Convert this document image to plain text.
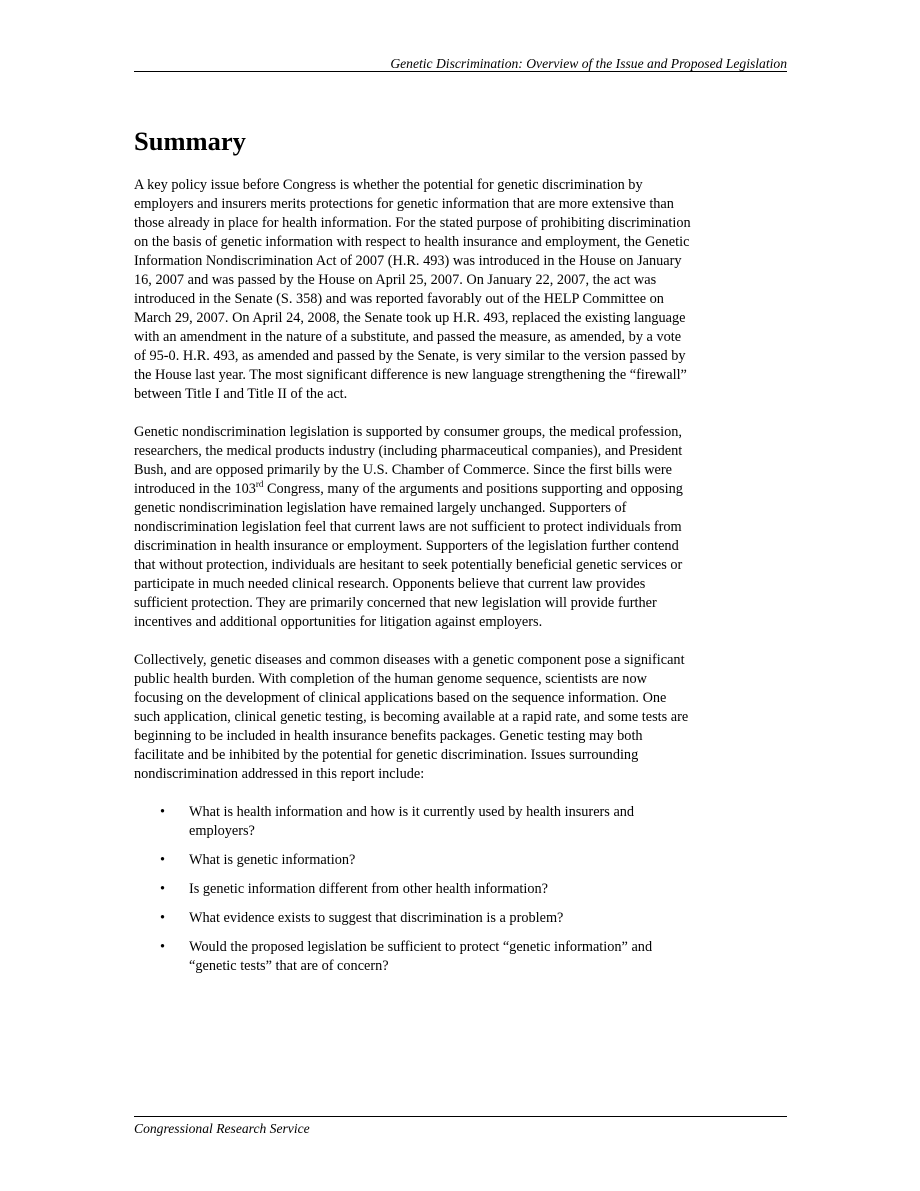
Genetic Discrimination: Overview of the Issue and Proposed Legislation
Summary

A key policy issue before Congress is whether the potential for genetic discrimination by
employers and insurers merits protections for genetic information that are more extensive than
those already in place for health information. For the stated purpose of prohibiting discrimination
on the basis of genetic information with respect to health insurance and employment, the Genetic
Information Nondiscrimination Act of 2007 (H.R. 493) was introduced in the House on January
16, 2007 and was passed by the House on April 25, 2007. On January 22, 2007, the act was
introduced in the Senate (S. 358) and was reported favorably out of the HELP Committee on
March 29, 2007. On April 24, 2008, the Senate took up H.R. 493, replaced the existing language
with an amendment in the nature of a substitute, and passed the measure, as amended, by a vote
of 95-0. H.R. 493, as amended and passed by the Senate, is very similar to the version passed by
the House last year. The most significant difference is new language strengthening the “firewall”
between Title I and Title II of the act.

Genetic nondiscrimination legislation is supported by consumer groups, the medical profession,
researchers, the medical products industry (including pharmaceutical companies), and President
Bush, and are opposed primarily by the U.S. Chamber of Commerce. Since the first bills were
introduced in the 103rd Congress, many of the arguments and positions supporting and opposing
genetic nondiscrimination legislation have remained largely unchanged. Supporters of
nondiscrimination legislation feel that current laws are not sufficient to protect individuals from
discrimination in health insurance or employment. Supporters of the legislation further contend
that without protection, individuals are hesitant to seek potentially beneficial genetic services or
participate in much needed clinical research. Opponents believe that current law provides
sufficient protection. They are primarily concerned that new legislation will provide further
incentives and additional opportunities for litigation against employers.

Collectively, genetic diseases and common diseases with a genetic component pose a significant
public health burden. With completion of the human genome sequence, scientists are now
focusing on the development of clinical applications based on the sequence information. One
such application, clinical genetic testing, is becoming available at a rapid rate, and some tests are
beginning to be included in health insurance benefits packages. Genetic testing may both
facilitate and be inhibited by the potential for genetic discrimination. Issues surrounding
nondiscrimination addressed in this report include:

• What is health information and how is it currently used by health insurers and
employers?
• What is genetic information?
• Is genetic information different from other health information?
• What evidence exists to suggest that discrimination is a problem?
• Would the proposed legislation be sufficient to protect “genetic information” and
“genetic tests” that are of concern?
Congressional Research Service
